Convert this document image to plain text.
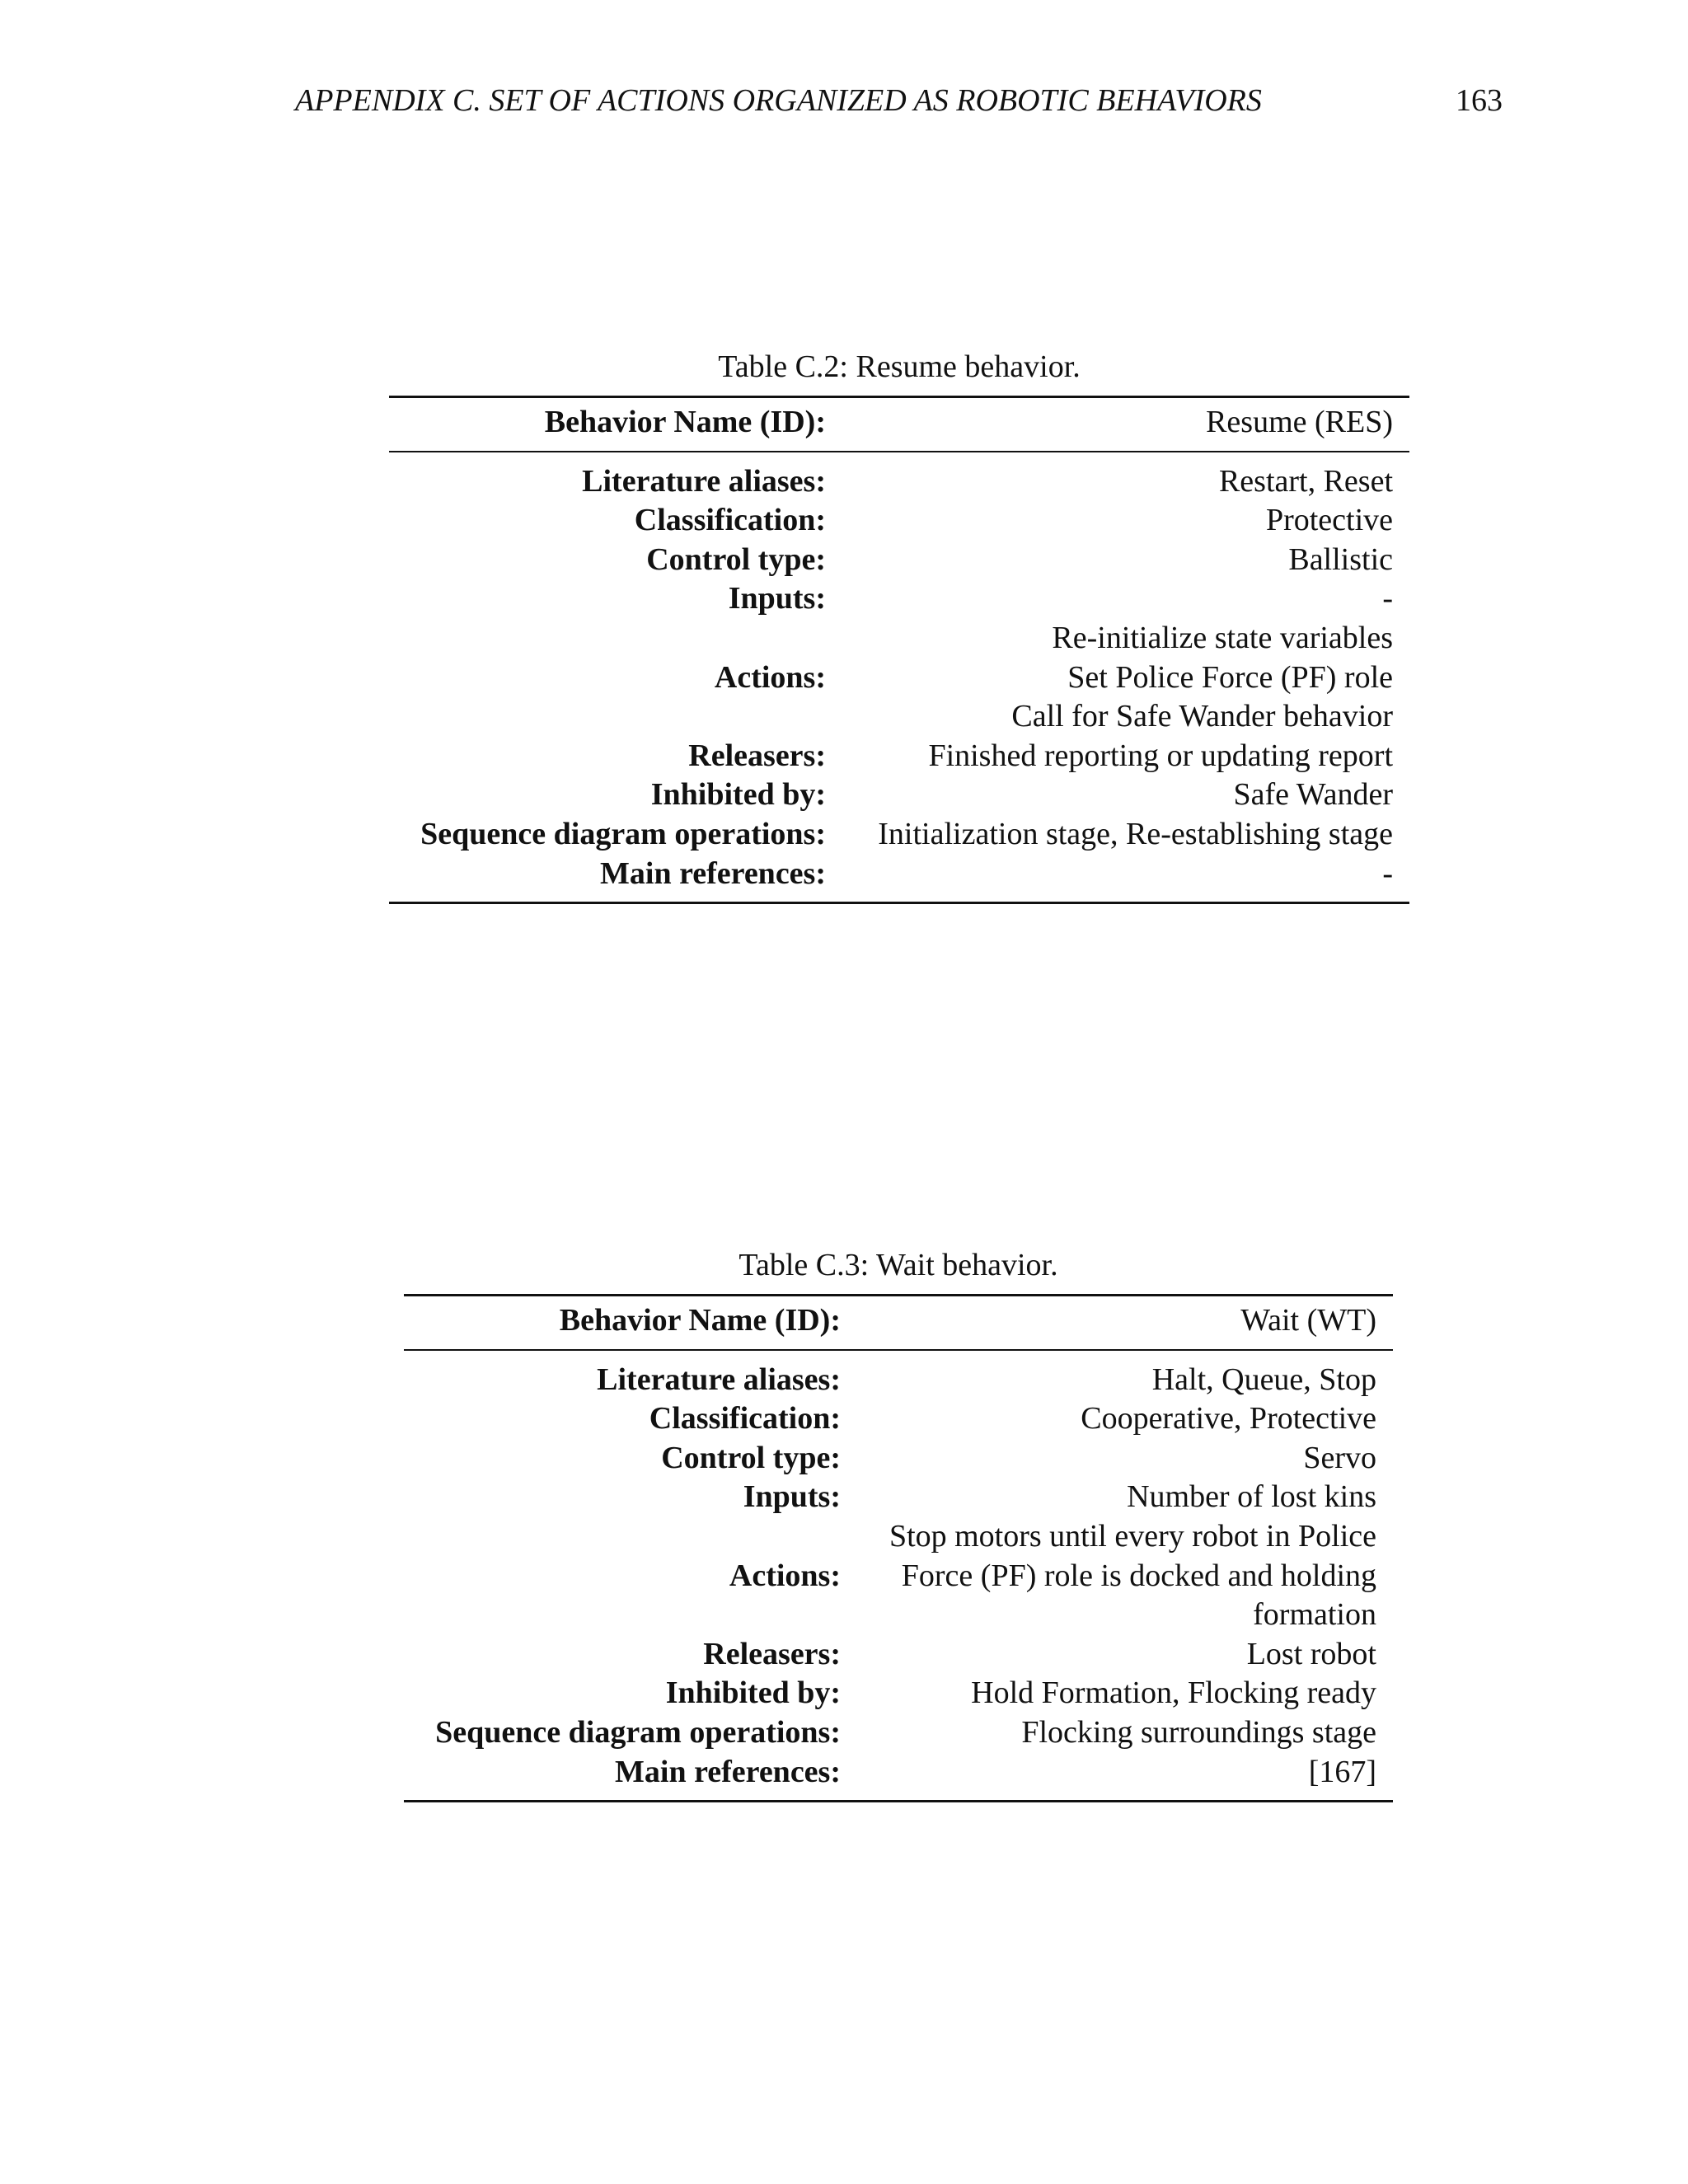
APPENDIX C. SET OF ACTIONS ORGANIZED AS ROBOTIC BEHAVIORS	163
Table C.2: Resume behavior.
Behavior Name (ID):	Resume (RES)
Literature aliases:	Restart, Reset
Classification:	Protective
Control type:	Ballistic
Inputs:	-
Actions:	Re-initialize state variables
Set Police Force (PF) role
Call for Safe Wander behavior

Releasers:	Finished reporting or updating report
Inhibited by:	Safe Wander
Sequence diagram operations:	Initialization stage, Re-establishing stage
Main references:	-
Table C.3: Wait behavior.
Behavior Name (ID):	Wait (WT)
Literature aliases:	Halt, Queue, Stop
Classification:	Cooperative, Protective
Control type:	Servo
Inputs:	Number of lost kins
Actions:	Stop motors until every robot in Police
Force (PF) role is docked and holding
formation

Releasers:	Lost robot
Inhibited by:	Hold Formation, Flocking ready
Sequence diagram operations:	Flocking surroundings stage
Main references:	[167]
